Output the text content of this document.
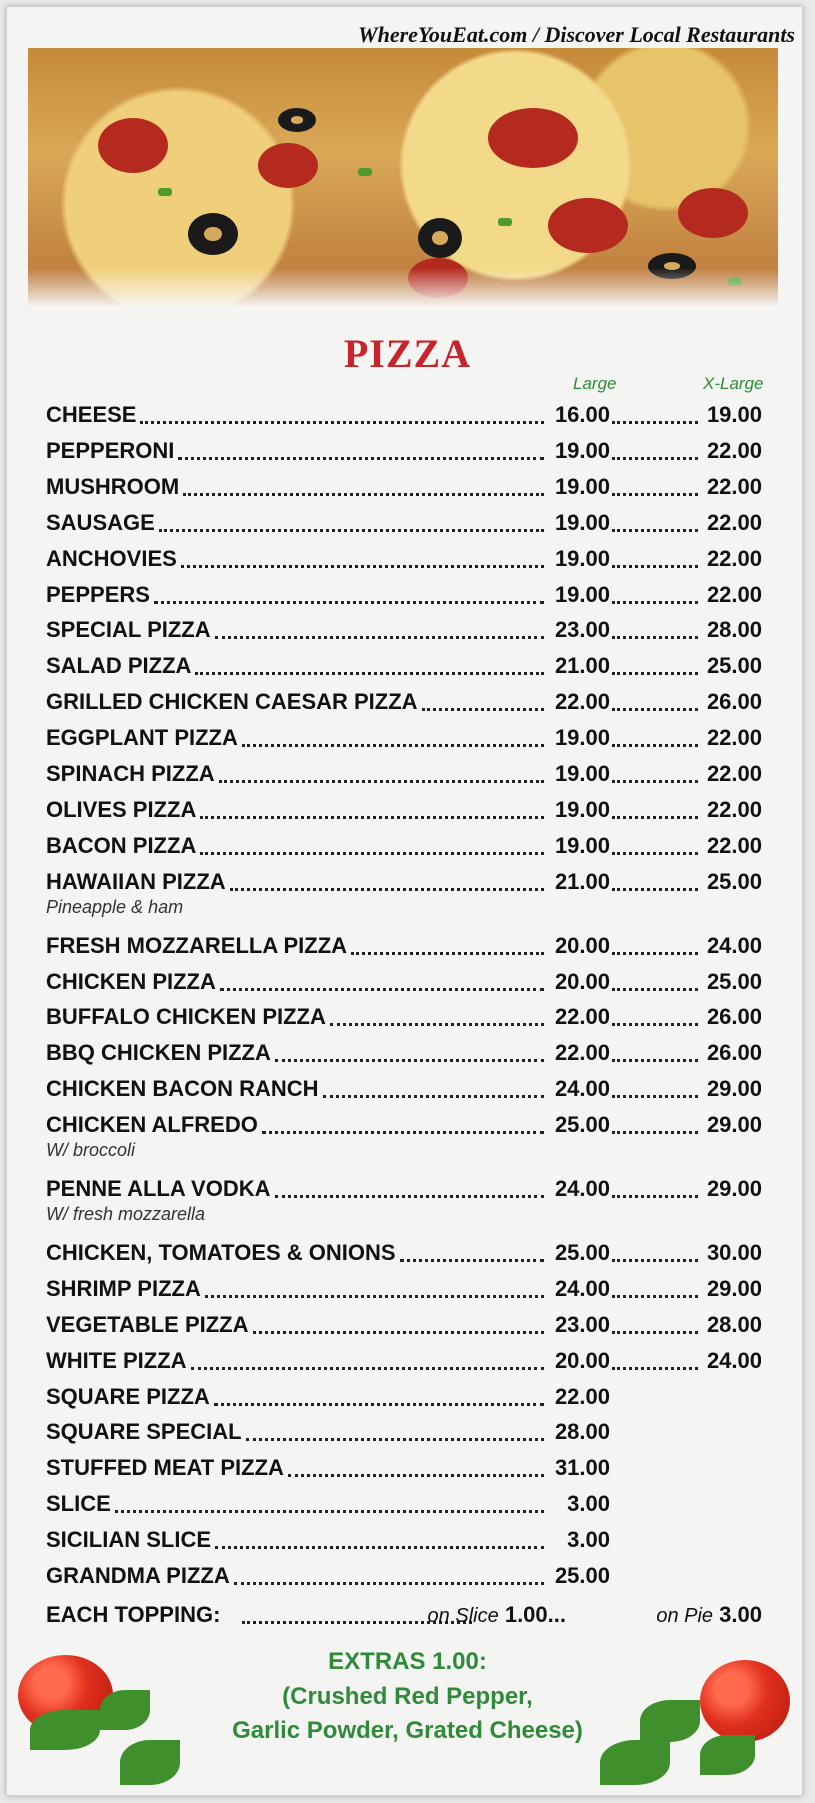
WhereYouEat.com / Discover Local Restaurants
PIZZA
Large	X-Large
CHEESE	16.00	19.00
PEPPERONI	19.00	22.00
MUSHROOM	19.00	22.00
SAUSAGE	19.00	22.00
ANCHOVIES	19.00	22.00
PEPPERS	19.00	22.00
SPECIAL PIZZA	23.00	28.00
SALAD PIZZA	21.00	25.00
GRILLED CHICKEN CAESAR PIZZA	22.00	26.00
EGGPLANT PIZZA	19.00	22.00
SPINACH PIZZA	19.00	22.00
OLIVES PIZZA	19.00	22.00
BACON PIZZA	19.00	22.00
HAWAIIAN PIZZA	21.00	25.00
Pineapple & ham
FRESH MOZZARELLA PIZZA	20.00	24.00
CHICKEN PIZZA	20.00	25.00
BUFFALO CHICKEN PIZZA	22.00	26.00
BBQ CHICKEN PIZZA	22.00	26.00
CHICKEN BACON RANCH	24.00	29.00
CHICKEN ALFREDO	25.00	29.00
W/ broccoli
PENNE ALLA VODKA	24.00	29.00
W/ fresh mozzarella
CHICKEN, TOMATOES & ONIONS	25.00	30.00
SHRIMP PIZZA	24.00	29.00
VEGETABLE PIZZA	23.00	28.00
WHITE PIZZA	20.00	24.00
SQUARE PIZZA	22.00
SQUARE SPECIAL	28.00
STUFFED MEAT PIZZA	31.00
SLICE	3.00
SICILIAN SLICE	3.00
GRANDMA PIZZA	25.00
EACH TOPPING:	on Slice 1.00...	on Pie 3.00
EXTRAS 1.00:
(Crushed Red Pepper,
Garlic Powder, Grated Cheese)
